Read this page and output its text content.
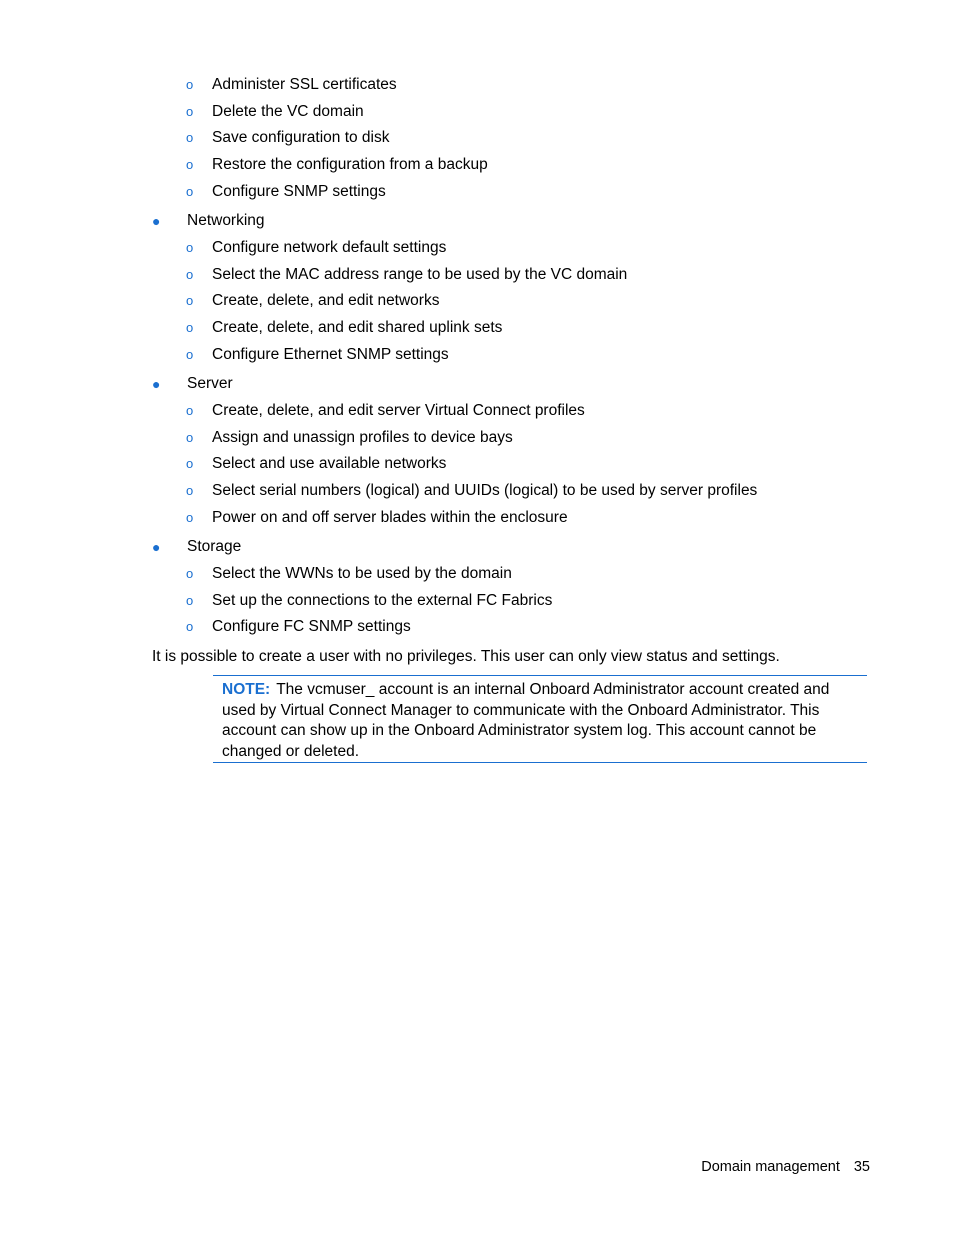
o	Administer SSL certificates
o	Delete the VC domain
o	Save configuration to disk
o	Restore the configuration from a backup
o	Configure SNMP settings
●	Networking
o	Configure network default settings
o	Select the MAC address range to be used by the VC domain
o	Create, delete, and edit networks
o	Create, delete, and edit shared uplink sets
o	Configure Ethernet SNMP settings
●	Server
o	Create, delete, and edit server Virtual Connect profiles
o	Assign and unassign profiles to device bays
o	Select and use available networks
o	Select serial numbers (logical) and UUIDs (logical) to be used by server profiles
o	Power on and off server blades within the enclosure
●	Storage
o	Select the WWNs to be used by the domain
o	Set up the connections to the external FC Fabrics
o	Configure FC SNMP settings
It is possible to create a user with no privileges. This user can only view status and settings.
NOTE: The vcmuser_ account is an internal Onboard Administrator account created and used by Virtual Connect Manager to communicate with the Onboard Administrator. This account can show up in the Onboard Administrator system log. This account cannot be changed or deleted.
Domain management 35
